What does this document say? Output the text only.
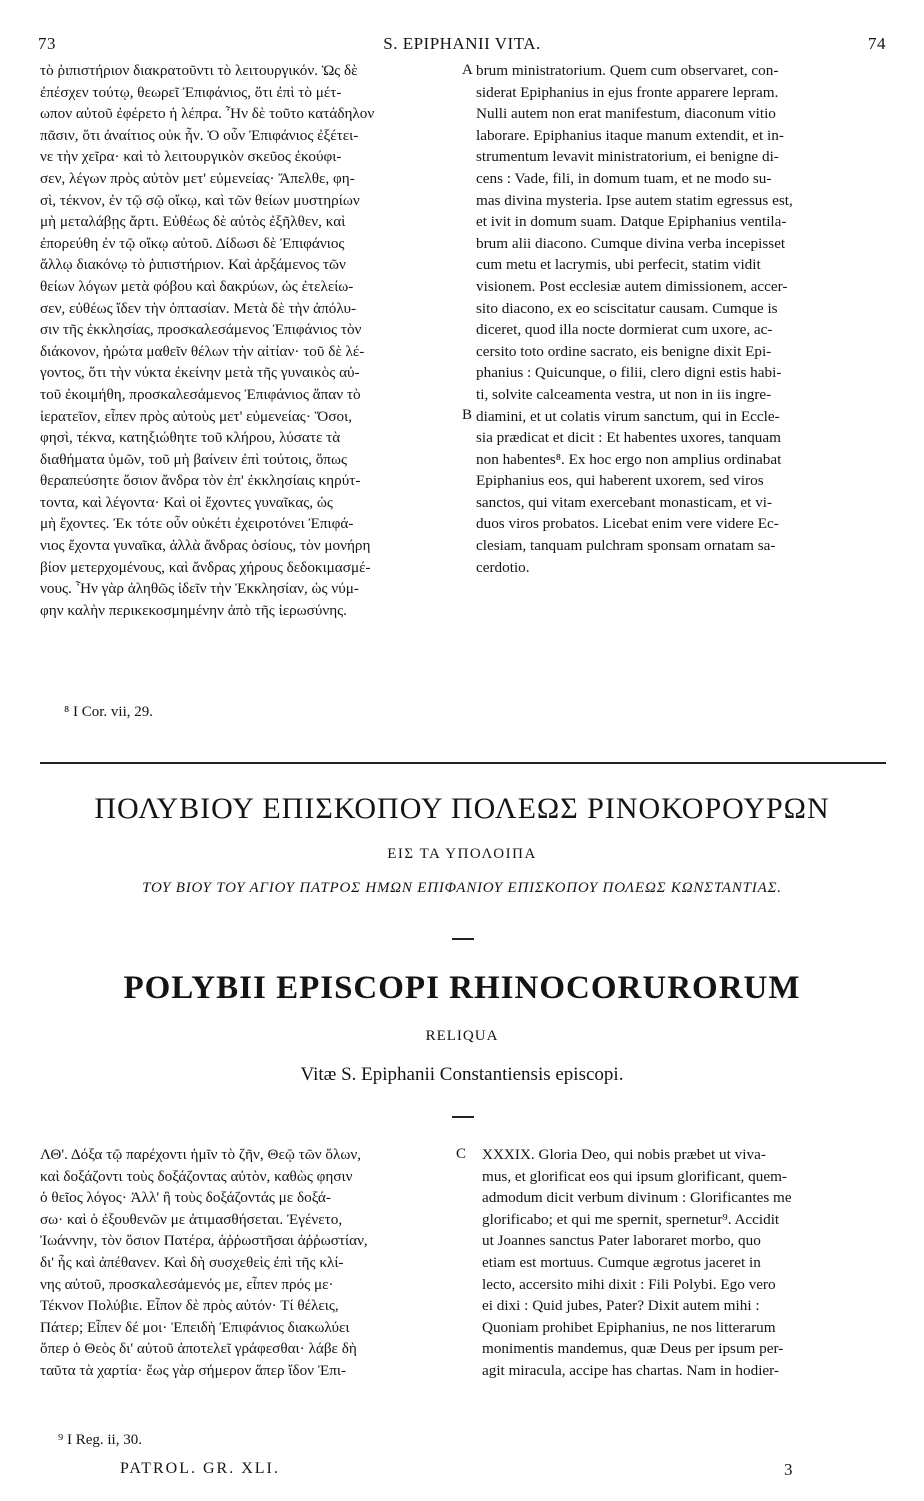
73	S. EPIPHANII VITA.	74
τὸ ῥιπιστήριον διακρατοῦντι τὸ λειτουργικόν. Ὡς δὲ
ἐπέσχεν τούτῳ, θεωρεῖ Ἐπιφάνιος, ὅτι ἐπὶ τὸ μέτ-
ωπον αὐτοῦ ἐφέρετο ἡ λέπρα. Ἦν δὲ τοῦτο κατάδηλον
πᾶσιν, ὅτι ἀναίτιος οὐκ ἦν. Ὁ οὖν Ἐπιφάνιος ἐξέτει-
νε τὴν χεῖρα· καὶ τὸ λειτουργικὸν σκεῦος ἐκούφι-
σεν, λέγων πρὸς αὐτὸν μετ' εὐμενείας· Ἄπελθε, φη-
σὶ, τέκνον, ἐν τῷ σῷ οἴκῳ, καὶ τῶν θείων μυστηρίων
μὴ μεταλάβῃς ἄρτι. Εὐθέως δὲ αὐτὸς ἐξῆλθεν, καὶ
ἐπορεύθη ἐν τῷ οἴκῳ αὐτοῦ. Δίδωσι δὲ Ἐπιφάνιος
ἄλλῳ διακόνῳ τὸ ῥιπιστήριον. Καὶ ἀρξάμενος τῶν
θείων λόγων μετὰ φόβου καὶ δακρύων, ὡς ἐτελείω-
σεν, εὐθέως ἴδεν τὴν ὀπτασίαν. Μετὰ δὲ τὴν ἀπόλυ-
σιν τῆς ἐκκλησίας, προσκαλεσάμενος Ἐπιφάνιος τὸν
διάκονον, ἠρώτα μαθεῖν θέλων τὴν αἰτίαν· τοῦ δὲ λέ-
γοντος, ὅτι τὴν νύκτα ἐκείνην μετὰ τῆς γυναικὸς αὐ-
τοῦ ἐκοιμήθη, προσκαλεσάμενος Ἐπιφάνιος ἅπαν τὸ
ἱερατεῖον, εἶπεν πρὸς αὐτοὺς μετ' εὐμενείας· Ὅσοι,
φησὶ, τέκνα, κατηξιώθητε τοῦ κλήρου, λύσατε τὰ
διαθήματα ὑμῶν, τοῦ μὴ βαίνειν ἐπὶ τούτοις, ὅπως
θεραπεύσητε ὅσιον ἄνδρα τὸν ἐπ' ἐκκλησίαις κηρύτ-
τοντα, καὶ λέγοντα· Καὶ οἱ ἔχοντες γυναῖκας, ὡς
μὴ ἔχοντες. Ἐκ τότε οὖν οὐκέτι ἐχειροτόνει Ἐπιφά-
νιος ἔχοντα γυναῖκα, ἀλλὰ ἄνδρας ὁσίους, τὸν μονήρη
βίον μετερχομένους, καὶ ἄνδρας χήρους δεδοκιμασμέ-
νους. Ἦν γὰρ ἀληθῶς ἰδεῖν τὴν Ἐκκλησίαν, ὡς νύμ-
φην καλὴν περικεκοσμημένην ἀπὸ τῆς ἱερωσύνης.
A
B
brum ministratorium. Quem cum observaret, con-
siderat Epiphanius in ejus fronte apparere lepram.
Nulli autem non erat manifestum, diaconum vitio
laborare. Epiphanius itaque manum extendit, et in-
strumentum levavit ministratorium, ei benigne di-
cens : Vade, fili, in domum tuam, et ne modo su-
mas divina mysteria. Ipse autem statim egressus est,
et ivit in domum suam. Datque Epiphanius ventila-
brum alii diacono. Cumque divina verba incepisset
cum metu et lacrymis, ubi perfecit, statim vidit
visionem. Post ecclesiæ autem dimissionem, accer-
sito diacono, ex eo sciscitatur causam. Cumque is
diceret, quod illa nocte dormierat cum uxore, ac-
cersito toto ordine sacrato, eis benigne dixit Epi-
phanius : Quicunque, o filii, clero digni estis habi-
ti, solvite calceamenta vestra, ut non in iis ingre-
diamini, et ut colatis virum sanctum, qui in Eccle-
sia prædicat et dicit : Et habentes uxores, tanquam
non habentes⁸. Ex hoc ergo non amplius ordinabat
Epiphanius eos, qui haberent uxorem, sed viros
sanctos, qui vitam exercebant monasticam, et vi-
duos viros probatos. Licebat enim vere videre Ec-
clesiam, tanquam pulchram sponsam ornatam sa-
cerdotio.
⁸ I Cor. vii, 29.
ΠΟΛΥΒΙΟΥ ΕΠΙΣΚΟΠΟΥ ΠΟΛΕΩΣ ΡΙΝΟΚΟΡΟΥΡΩΝ
ΕΙΣ ΤΑ ΥΠΟΛΟΙΠΑ
ΤΟΥ ΒΙΟΥ ΤΟΥ ΑΓΙΟΥ ΠΑΤΡΟΣ ΗΜΩΝ ΕΠΙΦΑΝΙΟΥ ΕΠΙΣΚΟΠΟΥ ΠΟΛΕΩΣ ΚΩΝΣΤΑΝΤΙΑΣ.
POLYBII EPISCOPI RHINOCORURORUM
RELIQUA
Vitæ S. Epiphanii Constantiensis episcopi.
ΛΘ'. Δόξα τῷ παρέχοντι ἡμῖν τὸ ζῆν, Θεῷ τῶν ὅλων,
καὶ δοξάζοντι τοὺς δοξάζοντας αὐτὸν, καθὼς φησιν
ὁ θεῖος λόγος· Ἀλλ' ἢ τοὺς δοξάζοντάς με δοξά-
σω· καὶ ὁ ἐξουθενῶν με ἀτιμασθήσεται. Ἐγένετο,
Ἰωάννην, τὸν ὅσιον Πατέρα, ἀῤῥωστῆσαι ἀῤῥωστίαν,
δι' ἧς καὶ ἀπέθανεν. Καὶ δὴ συσχεθεὶς ἐπὶ τῆς κλί-
νης αὐτοῦ, προσκαλεσάμενός με, εἶπεν πρός με·
Τέκνον Πολύβιε. Εἶπον δὲ πρὸς αὐτόν· Τί θέλεις,
Πάτερ; Εἶπεν δέ μοι· Ἐπειδὴ Ἐπιφάνιος διακωλύει
ὅπερ ὁ Θεὸς δι' αὐτοῦ ἀποτελεῖ γράφεσθαι· λάβε δὴ
ταῦτα τὰ χαρτία· ἕως γὰρ σήμερον ἅπερ ἴδον Ἐπι-
C XXXIX. Gloria Deo, qui nobis præbet ut viva-
mus, et glorificat eos qui ipsum glorificant, quem-
admodum dicit verbum divinum : Glorificantes me
glorificabo; et qui me spernit, spernetur⁹. Accidit
ut Joannes sanctus Pater laboraret morbo, quo
etiam est mortuus. Cumque ægrotus jaceret in
lecto, accersito mihi dixit : Fili Polybi. Ego vero
ei dixi : Quid jubes, Pater? Dixit autem mihi :
Quoniam prohibet Epiphanius, ne nos litterarum
monimentis mandemus, quæ Deus per ipsum per-
agit miracula, accipe has chartas. Nam in hodier-
⁹ I Reg. ii, 30.
PATROL. GR. XLI.	3
